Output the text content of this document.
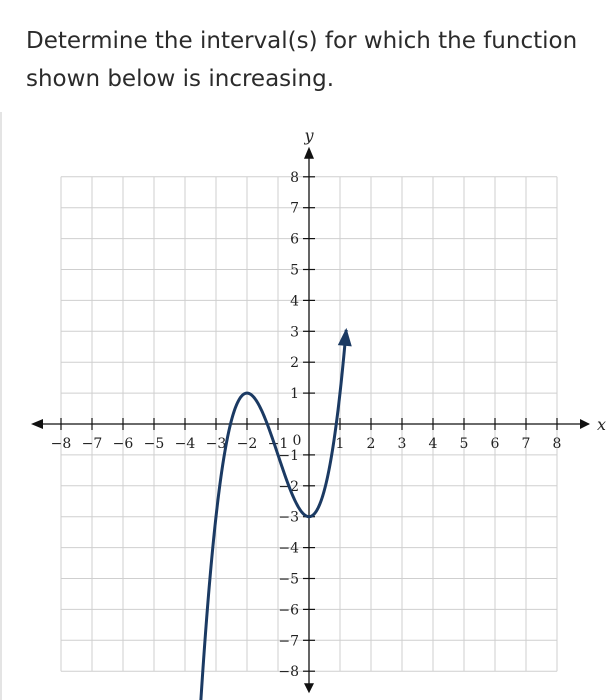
Determine the interval(s) for which the function
shown below is increasing.
−8 −7 −6 −5 −4 −3 −2 −1	1 2 3 4 5 6 7 8
8
7
6
5
4
3
2
1
−1
−2
−3
−4
−5
−6
−7
−8
0
x
y
